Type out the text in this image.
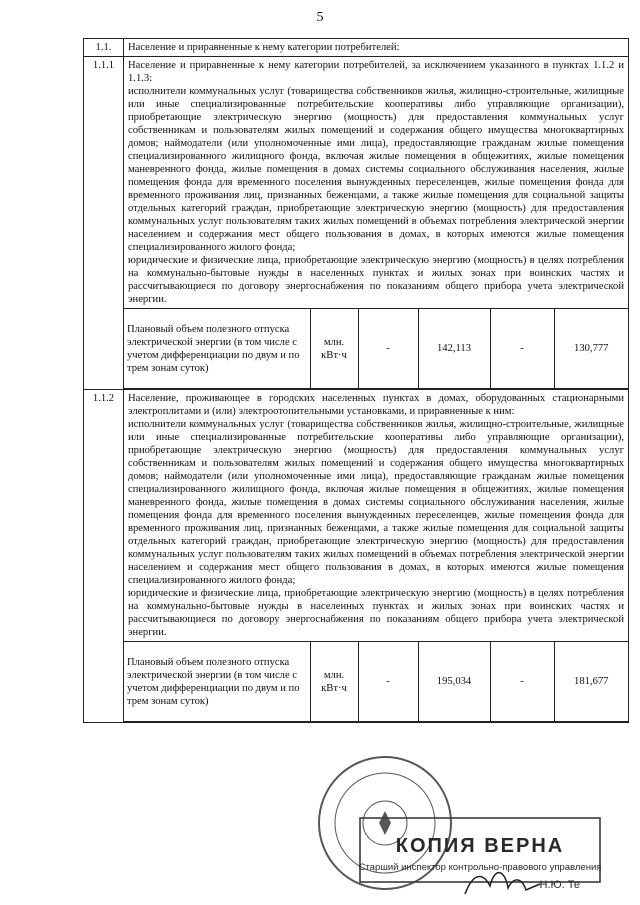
5
1.1.	Население и приравненные к нему категории потребителей:
1.1.1	Население и приравненные к нему категории потребителей, за исключением указанного в пунктах 1.1.2 и 1.1.3:

исполнители коммунальных услуг (товарищества собственников жилья, жилищно-строительные, жилищные или иные специализированные потребительские кооперативы либо управляющие организации), приобретающие электрическую энергию (мощность) для предоставления коммунальных услуг собственникам и пользователям жилых помещений и содержания общего имущества многоквартирных домов; наймодатели (или уполномоченные ими лица), предоставляющие гражданам жилые помещения специализированного жилищного фонда, включая жилые помещения в общежитиях, жилые помещения маневренного фонда, жилые помещения в домах системы социального обслуживания населения, жилые помещения фонда для временного поселения вынужденных переселенцев, жилые помещения фонда для временного проживания лиц, признанных беженцами, а также жилые помещения для социальной защиты отдельных категорий граждан, приобретающие электрическую энергию (мощность) для предоставления коммунальных услуг пользователям таких жилых помещений в объемах потребления электрической энергии населением и содержания мест общего пользования в домах, в которых имеются жилые помещения специализированного жилого фонда;

юридические и физические лица, приобретающие электрическую энергию (мощность) в целях потребления на коммунально-бытовые нужды в населенных пунктах и жилых зонах при воинских частях и рассчитывающиеся по договору энергоснабжения по показаниям общего прибора учета электрической энергии.

Плановый объем полезного отпуска электрической энергии (в том числе с учетом дифференциации по двум и по трем зонам суток)	млн. кВт·ч	-	142,113	-	130,777

1.1.2	Население, проживающее в городских населенных пунктах в домах, оборудованных стационарными электроплитами и (или) электроотопительными установками, и приравненные к ним:

исполнители коммунальных услуг (товарищества собственников жилья, жилищно-строительные, жилищные или иные специализированные потребительские кооперативы либо управляющие организации), приобретающие электрическую энергию (мощность) для предоставления коммунальных услуг собственникам и пользователям жилых помещений и содержания общего имущества многоквартирных домов; наймодатели (или уполномоченные ими лица), предоставляющие гражданам жилые помещения специализированного жилищного фонда, включая жилые помещения в общежитиях, жилые помещения маневренного фонда, жилые помещения в домах системы социального обслуживания населения, жилые помещения фонда для временного поселения вынужденных переселенцев, жилые помещения фонда для временного проживания лиц, признанных беженцами, а также жилые помещения для социальной защиты отдельных категорий граждан, приобретающие электрическую энергию (мощность) для предоставления коммунальных услуг пользователям таких жилых помещений в объемах потребления электрической энергии населением и содержания мест общего пользования в домах, в которых имеются жилые помещения специализированного жилого фонда;

юридические и физические лица, приобретающие электрическую энергию (мощность) в целях потребления на коммунально-бытовые нужды в населенных пунктах и жилых зонах при воинских частях и рассчитывающиеся по договору энергоснабжения по показаниям общего прибора учета электрической энергии.

Плановый объем полезного отпуска электрической энергии (в том числе с учетом дифференциации по двум и по трем зонам суток)	млн. кВт·ч	-	195,034	-	181,677
КОПИЯ ВЕРНА
Старший инспектор контрольно-правового управления
Н.Ю. Те
